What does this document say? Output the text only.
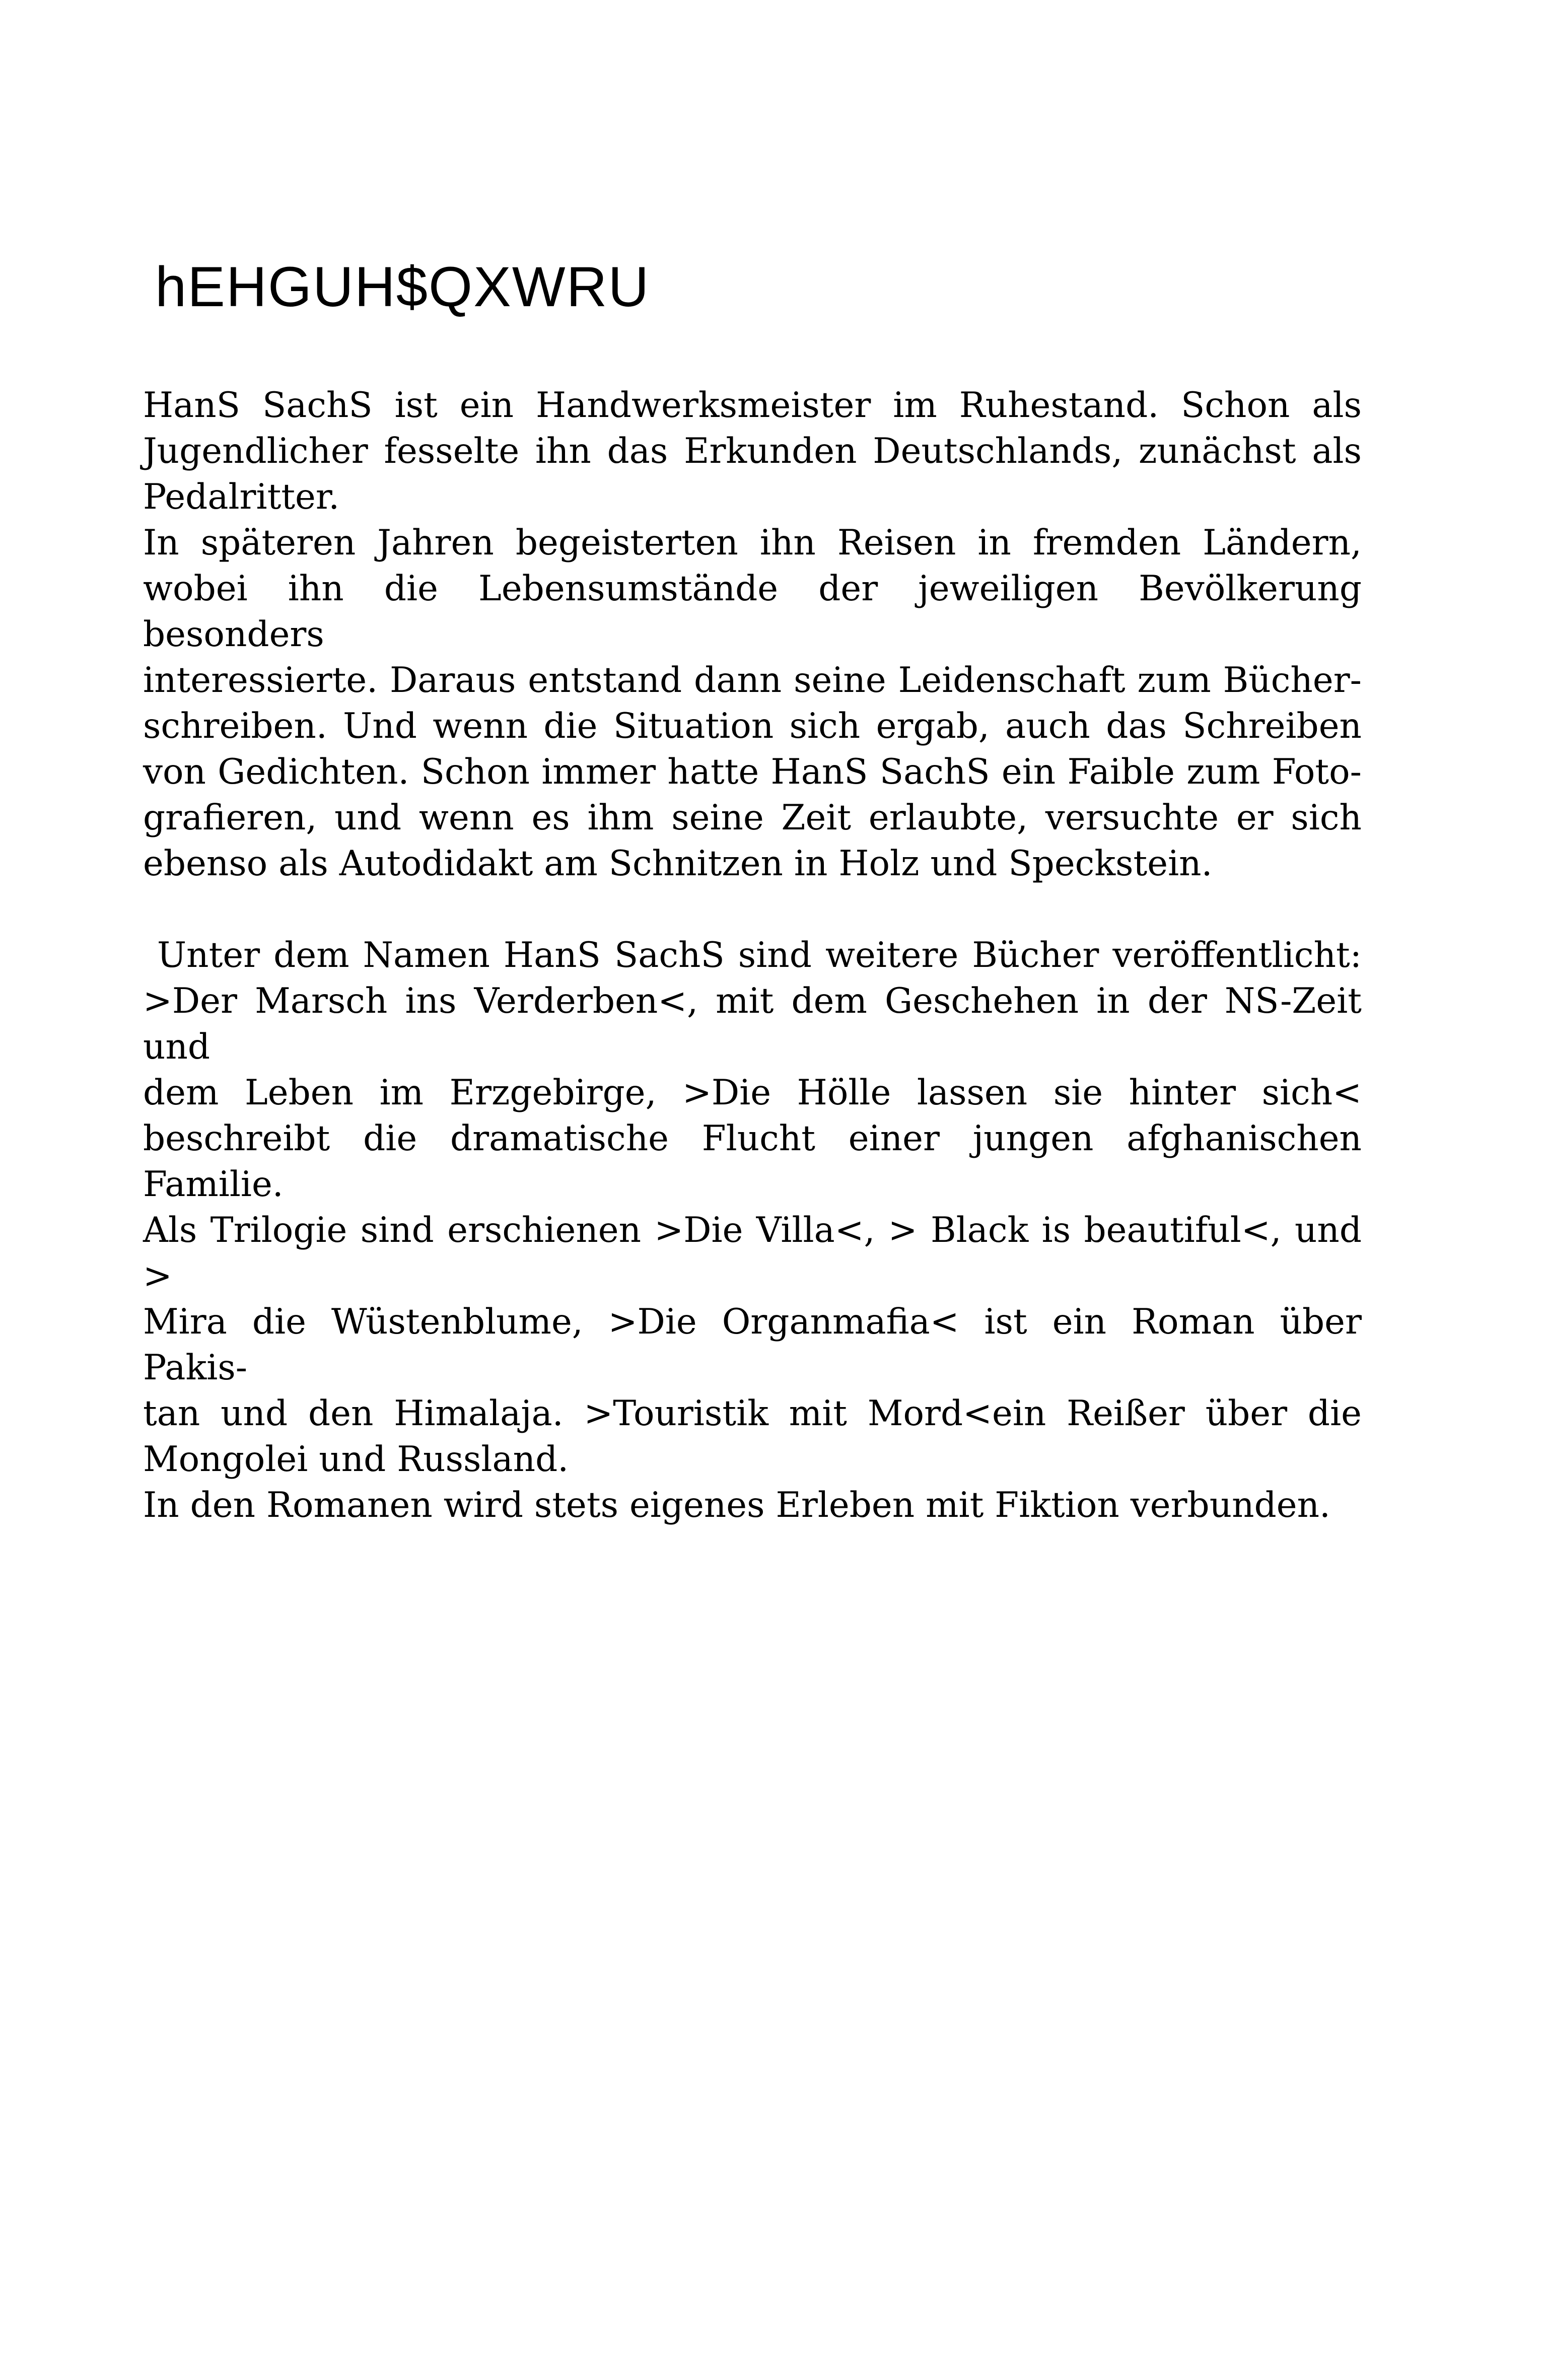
hEHGUH$QXWRU

HanS SachS ist ein Handwerksmeister im Ruhestand. Schon als

Jugendlicher fesselte ihn das Erkunden Deutschlands, zunächst als

Pedalritter.

In späteren Jahren begeisterten ihn Reisen in fremden Ländern,

wobei ihn die Lebensumstände der jeweiligen Bevölkerung besonders

interessierte. Daraus entstand dann seine Leidenschaft zum Bücher-

schreiben. Und wenn die Situation sich ergab, auch das Schreiben

von Gedichten. Schon immer hatte HanS SachS ein Faible zum Foto-

grafieren, und wenn es ihm seine Zeit erlaubte, versuchte er sich

ebenso als Autodidakt am Schnitzen in Holz und Speckstein.

Unter dem Namen HanS SachS sind weitere Bücher veröffentlicht:

>Der Marsch ins Verderben<, mit dem Geschehen in der NS-Zeit und

dem Leben im Erzgebirge, >Die Hölle lassen sie hinter sich<

beschreibt die dramatische Flucht einer jungen afghanischen Familie.

Als Trilogie sind erschienen >Die Villa<, > Black is beautiful<, und >

Mira die Wüstenblume, >Die Organmafia< ist ein Roman über Pakis-

tan und den Himalaja. >Touristik mit Mord<ein Reißer über die

Mongolei und Russland.

In den Romanen wird stets eigenes Erleben mit Fiktion verbunden.
